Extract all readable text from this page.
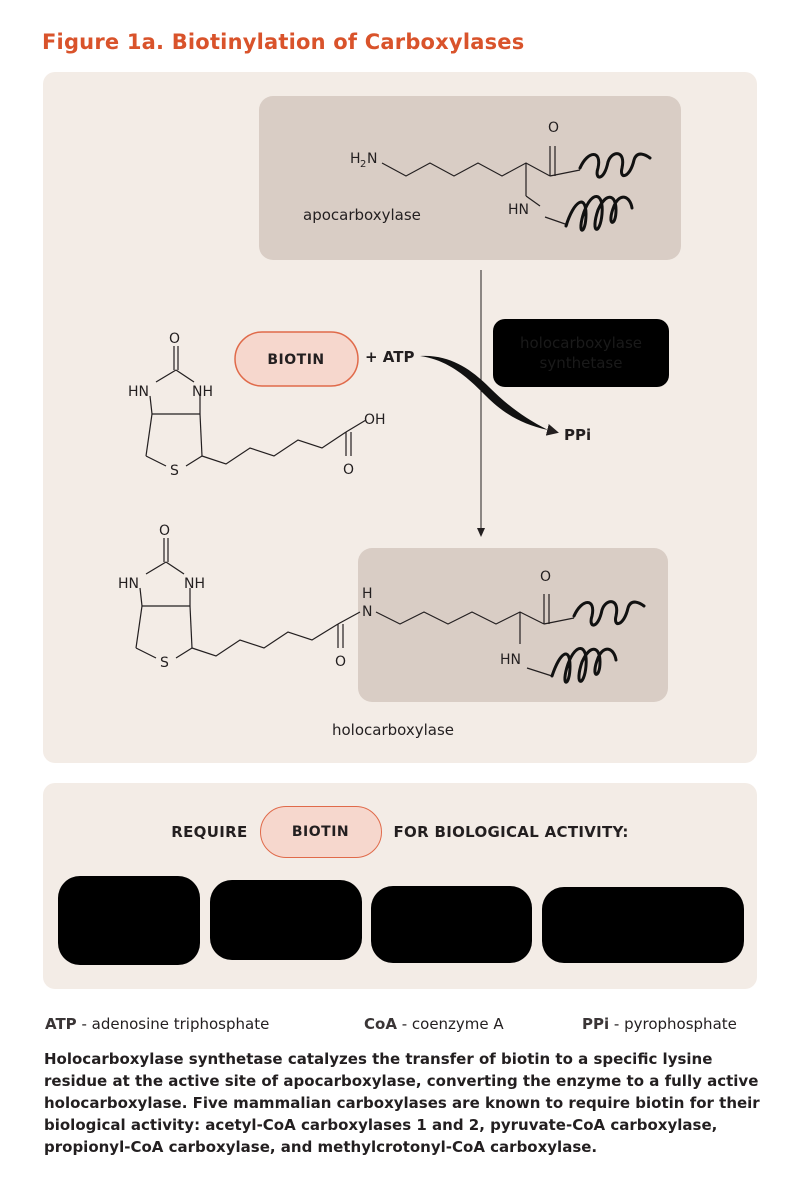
Figure 1a. Biotinylation of Carboxylases
H 2 N
O
HN
apocarboxylase
holocarboxylase
synthetase
+ ATP
PPi
BIOTIN
O
HN	NH
S
OH
O
O
HN	NH
S	O
H
N
O
HN
holocarboxylase
REQUIRE	BIOTIN	FOR BIOLOGICAL ACTIVITY:
ATP - adenosine triphosphate	CoA - coenzyme A	PPi - pyrophosphate

Holocarboxylase synthetase catalyzes the transfer of biotin to a specific lysine residue at the active site of apocarboxylase, converting the enzyme to a fully active holocarboxylase. Five mammalian carboxylases are known to require biotin for their biological activity: acetyl-CoA carboxylases 1 and 2, pyruvate-CoA carboxylase, propionyl-CoA carboxylase, and methylcrotonyl-CoA carboxylase.
